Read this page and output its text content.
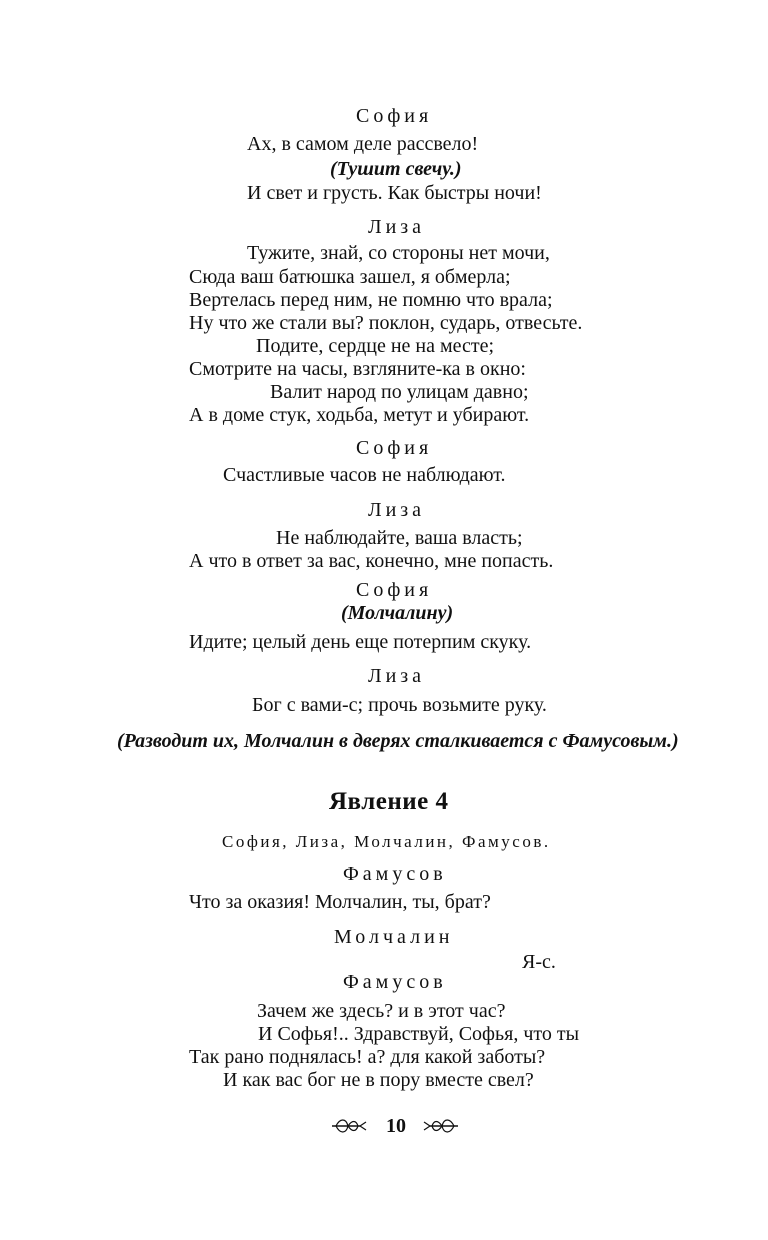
София
Ах, в самом деле рассвело!
(Тушит свечу.)
И свет и грусть. Как быстры ночи!
Лиза
Тужите, знай, со стороны нет мочи,
Сюда ваш батюшка зашел, я обмерла;
Вертелась перед ним, не помню что врала;
Ну что же стали вы? поклон, сударь, отвесьте.
Подите, сердце не на месте;
Смотрите на часы, взгляните-ка в окно:
Валит народ по улицам давно;
А в доме стук, ходьба, метут и убирают.
София
Счастливые часов не наблюдают.
Лиза
Не наблюдайте, ваша власть;
А что в ответ за вас, конечно, мне попасть.
София
(Молчалину)
Идите; целый день еще потерпим скуку.
Лиза
Бог с вами-с; прочь возьмите руку.
(Разводит их, Молчалин в дверях сталкивается с Фамусовым.)
Явление 4
София, Лиза, Молчалин, Фамусов.
Фамусов
Что за оказия! Молчалин, ты, брат?
Молчалин
Я-с.
Фамусов
Зачем же здесь? и в этот час?
И Софья!.. Здравствуй, Софья, что ты
Так рано поднялась! а? для какой заботы?
И как вас бог не в пору вместе свел?
10
